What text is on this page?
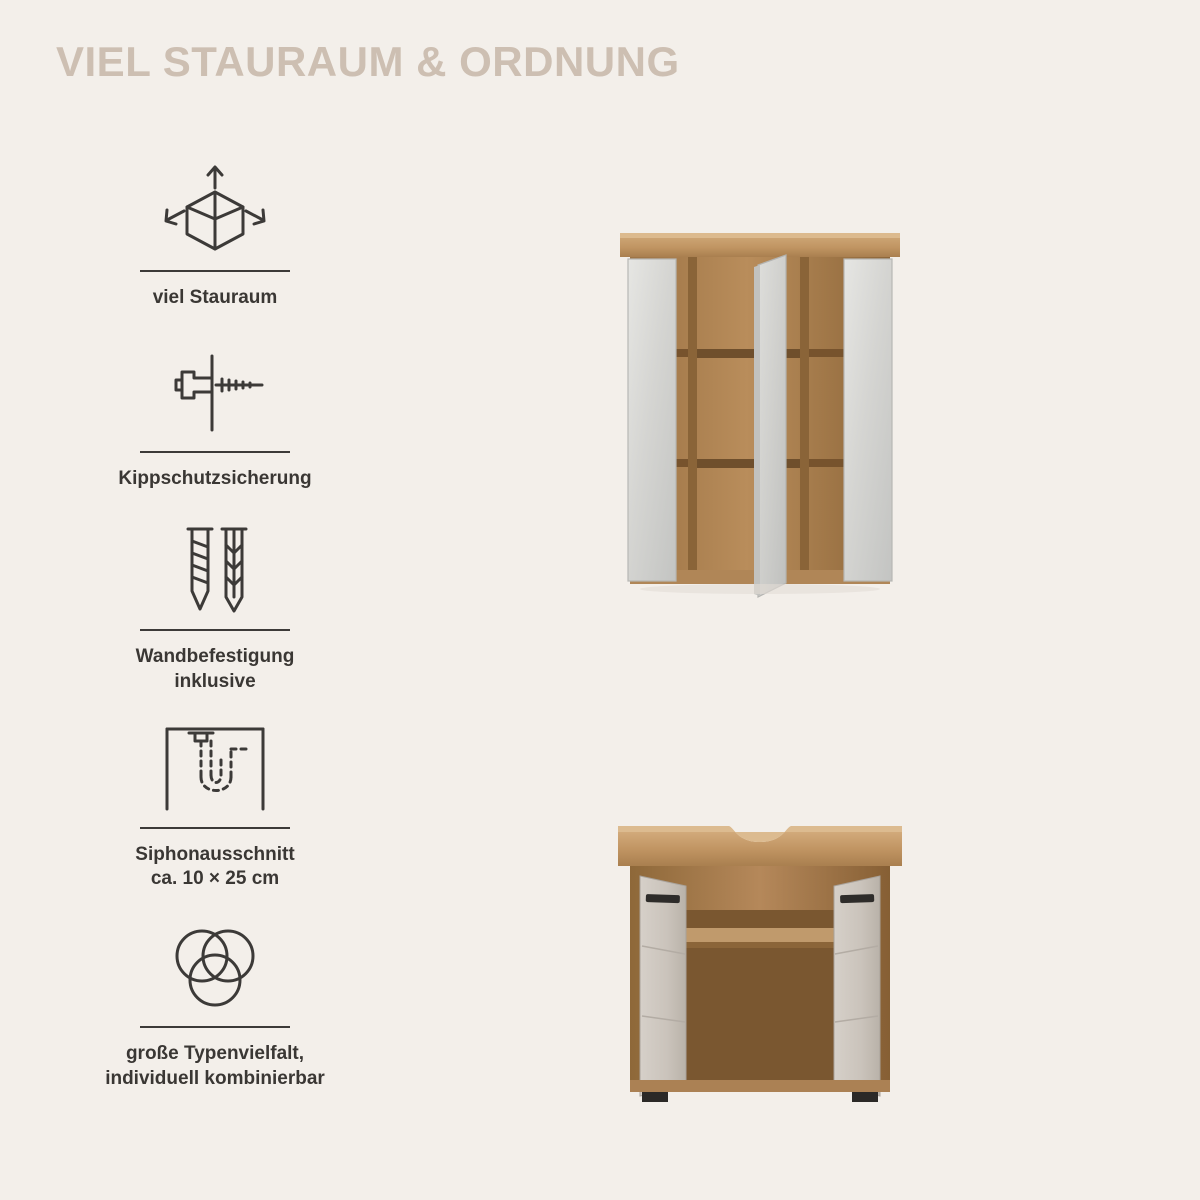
VIEL STAURAUM & ORDNUNG
viel Stauraum
Kippschutzsicherung
Wandbefestigung
inklusive
Siphonausschnitt
ca. 10 × 25 cm
große Typenvielfalt,
individuell kombinierbar
